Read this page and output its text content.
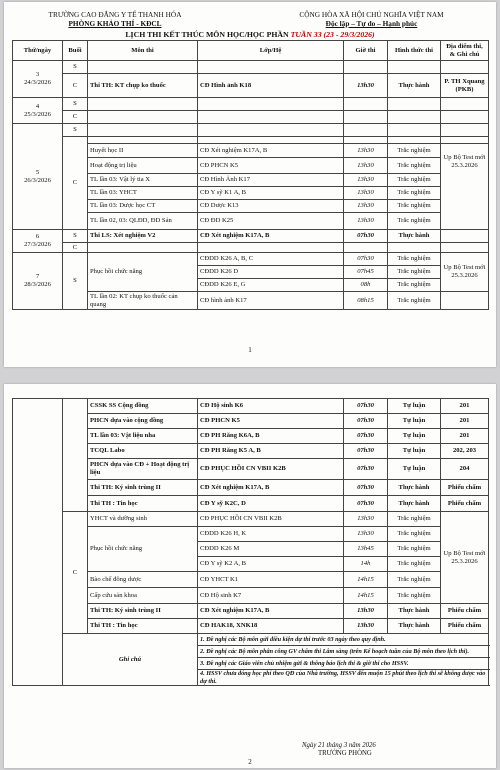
TRƯỜNG CAO ĐẲNG Y TẾ THANH HÓA
PHÒNG KHẢO THÍ - KĐCL
CỘNG HÒA XÃ HỘI CHỦ NGHĨA VIỆT NAM
Độc lập – Tự do – Hạnh phúc
LỊCH THI KẾT THÚC MÔN HỌC/HỌC PHẦN TUẦN 33 (23 - 29/3/2026)
Thứ/ngày	Buổi	Môn thi	Lớp/Hệ	Giờ thi	Hình thức thi	Địa điểm thi, & Ghi chú
3
24/3/2026	S					
	C	Thi TH: KT chụp ko thuốc	CĐ Hình ảnh K18	13h30	Thực hành	P. TH Xquang (PKB)
4
25/3/2026	S					
	C					
5
26/3/2026	S					
	C					
		Huyết học II	CĐ Xét nghiệm K17A, B	13h30	Trắc nghiệm	Up Bộ Test mới 25.3.2026
		Hoạt động trị liệu	CĐ PHCN K5	13h30	Trắc nghiệm	
		TL lần 03: Vật lý tia X	CĐ Hình Ảnh K17	13h30	Trắc nghiệm	
		TL lần 03: YHCT	CĐ Y sỹ K1 A, B	13h30	Trắc nghiệm	
		TL lần 03: Dược học CT	CĐ Dược K13	13h30	Trắc nghiệm	
		TL lần 02, 03: QLĐD, ĐD Sản	CĐ ĐD K25	13h30	Trắc nghiệm	
6
27/3/2026	S	Thi LS: Xét nghiệm V2	CĐ Xét nghiệm K17A, B	07h30	Thực hành	
	C					
7
28/3/2026	S	Phục hồi chức năng	CĐDD K26 A, B, C	07h30	Trắc nghiệm	Up Bộ Test mới 25.3.2026
			CĐDD K26 D	07h45	Trắc nghiệm	
			CĐDD K26 E, G	08h	Trắc nghiệm	
		TL lần 02: KT chụp ko thuốc cản quang	CĐ hình ảnh K17	08h15	Trắc nghiệm	
1
		CSSK SS Cộng đồng	CĐ Hộ sinh K6	07h30	Tự luận	201
		PHCN dựa vào cộng đồng	CĐ PHCN K5	07h30	Tự luận	201
		TL lần 03: Vật liệu nha	CĐ PH Răng K6A, B	07h30	Tự luận	201
		TCQL Labo	CĐ PH Răng K5 A, B	07h30	Tự luận	202, 203
		PHCN dựa vào CĐ + Hoạt động trị liệu	CĐ PHỤC HỒI CN VBII K2B	07h30	Tự luận	204
		Thi TH: Ký sinh trùng II	CĐ Xét nghiệm K17A, B	07h30	Thực hành	Phiếu chấm
		Thi TH : Tin học	CĐ Y sỹ K2C, D	07h30	Thực hành	Phiếu chấm
	C	YHCT và dưỡng sinh	CĐ PHỤC HỒI CN VBII K2B	13h30	Trắc nghiệm	Up Bộ Test mới 25.3.2026
		Phục hồi chức năng	CĐDD K26 H, K	13h30	Trắc nghiệm	
			CĐDD K26 M	13h45	Trắc nghiệm	
			CĐ Y sỹ K2 A, B	14h	Trắc nghiệm	
		Bào chế đông dược	CĐ YHCT K1	14h15	Trắc nghiệm	
		Cấp cứu sản khoa	CĐ Hộ sinh K7	14h15	Trắc nghiệm	
		Thi TH: Ký sinh trùng II	CĐ Xét nghiệm K17A, B	13h30	Thực hành	Phiếu chấm
		Thi TH : Tin học	CĐ HAK18, XNK18	13h30	Thực hành	Phiếu chấm
	Ghi chú		1. Đề nghị các Bộ môn gửi điều kiện dự thi trước 03 ngày theo quy định.			
			2. Đề nghị các Bộ môn phân công GV chấm thi Lâm sàng (trên Kế hoạch tuần của Bộ môn theo lịch thi).			
			3. Đề nghị các Giáo viên chủ nhiệm gửi & thông báo lịch thi & giờ thi cho HSSV.			
			4. HSSV chưa đóng học phí theo QĐ của Nhà trường, HSSV đến muộn 15 phút theo lịch thi sẽ không được vào dự thi.			
Ngày 21 tháng 3 năm 2026
TRƯỞNG PHÒNG
2
